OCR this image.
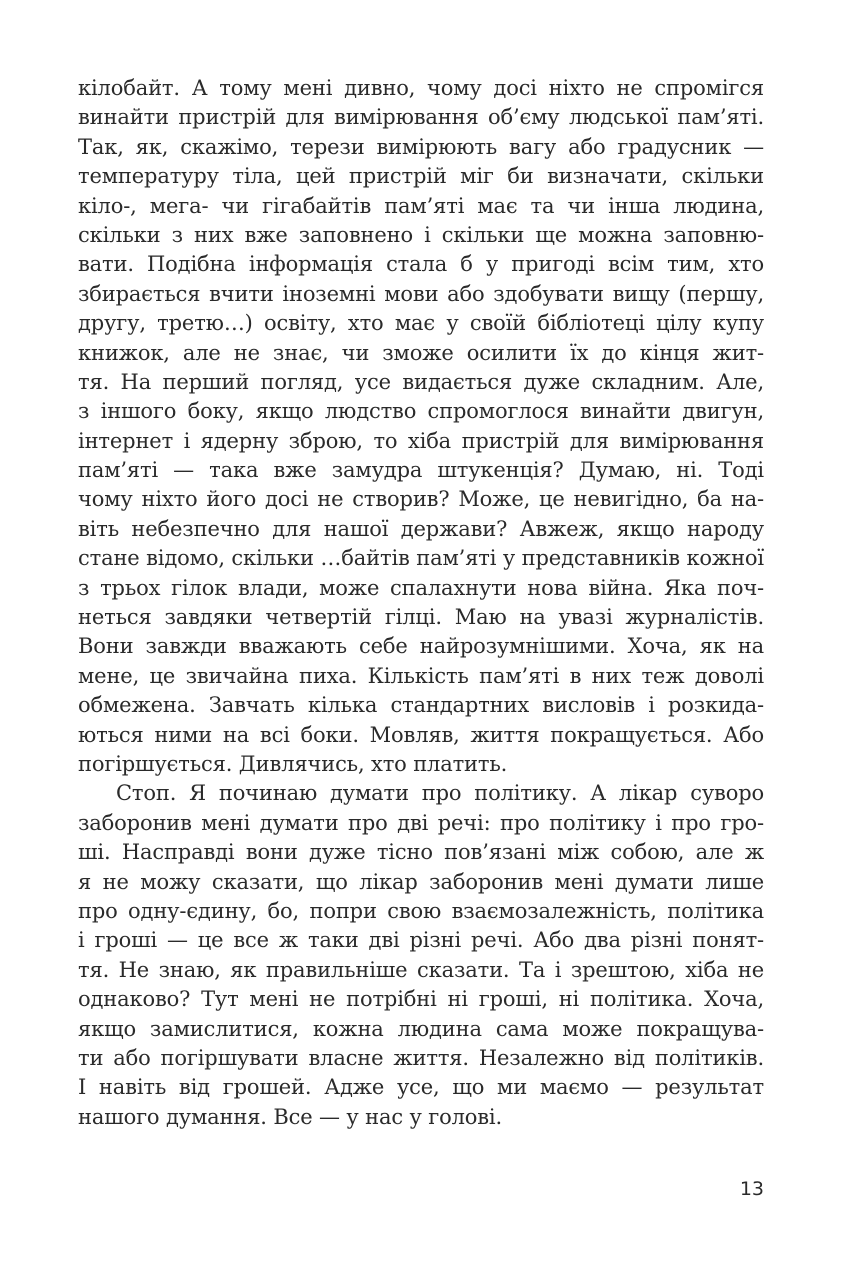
кілобайт. А тому мені дивно, чому досі ніхто не спромігся
винайти пристрій для вимірювання об’єму людської пам’яті.
Так, як, скажімо, терези вимірюють вагу або градусник —
температуру тіла, цей пристрій міг би визначати, скільки
кіло-, мега- чи гігабайтів пам’яті має та чи інша людина,
скільки з них вже заповнено і скільки ще можна заповню-
вати. Подібна інформація стала б у пригоді всім тим, хто
збирається вчити іноземні мови або здобувати вищу (першу,
другу, третю…) освіту, хто має у своїй бібліотеці цілу купу
книжок, але не знає, чи зможе осилити їх до кінця жит-
тя. На перший погляд, усе видається дуже складним. Але,
з іншого боку, якщо людство спромоглося винайти двигун,
інтернет і ядерну зброю, то хіба пристрій для вимірювання
пам’яті — така вже замудра штукенція? Думаю, ні. Тоді
чому ніхто його досі не створив? Може, це невигідно, ба на-
віть небезпечно для нашої держави? Авжеж, якщо народу
стане відомо, скільки …байтів пам’яті у представників кожної
з трьох гілок влади, може спалахнути нова війна. Яка поч-
неться завдяки четвертій гілці. Маю на увазі журналістів.
Вони завжди вважають себе найрозумнішими. Хоча, як на
мене, це звичайна пиха. Кількість пам’яті в них теж доволі
обмежена. Завчать кілька стандартних висловів і розкида-
ються ними на всі боки. Мовляв, життя покращується. Або
погіршується. Дивлячись, хто платить.
Стоп. Я починаю думати про політику. А лікар суворо
заборонив мені думати про дві речі: про політику і про гро-
ші. Насправді вони дуже тісно пов’язані між собою, але ж
я не можу сказати, що лікар заборонив мені думати лише
про одну-єдину, бо, попри свою взаємозалежність, політика
і гроші — це все ж таки дві різні речі. Або два різні понят-
тя. Не знаю, як правильніше сказати. Та і зрештою, хіба не
однаково? Тут мені не потрібні ні гроші, ні політика. Хоча,
якщо замислитися, кожна людина сама може покращува-
ти або погіршувати власне життя. Незалежно від політиків.
І навіть від грошей. Адже усе, що ми маємо — результат
нашого думання. Все — у нас у голові.
13
